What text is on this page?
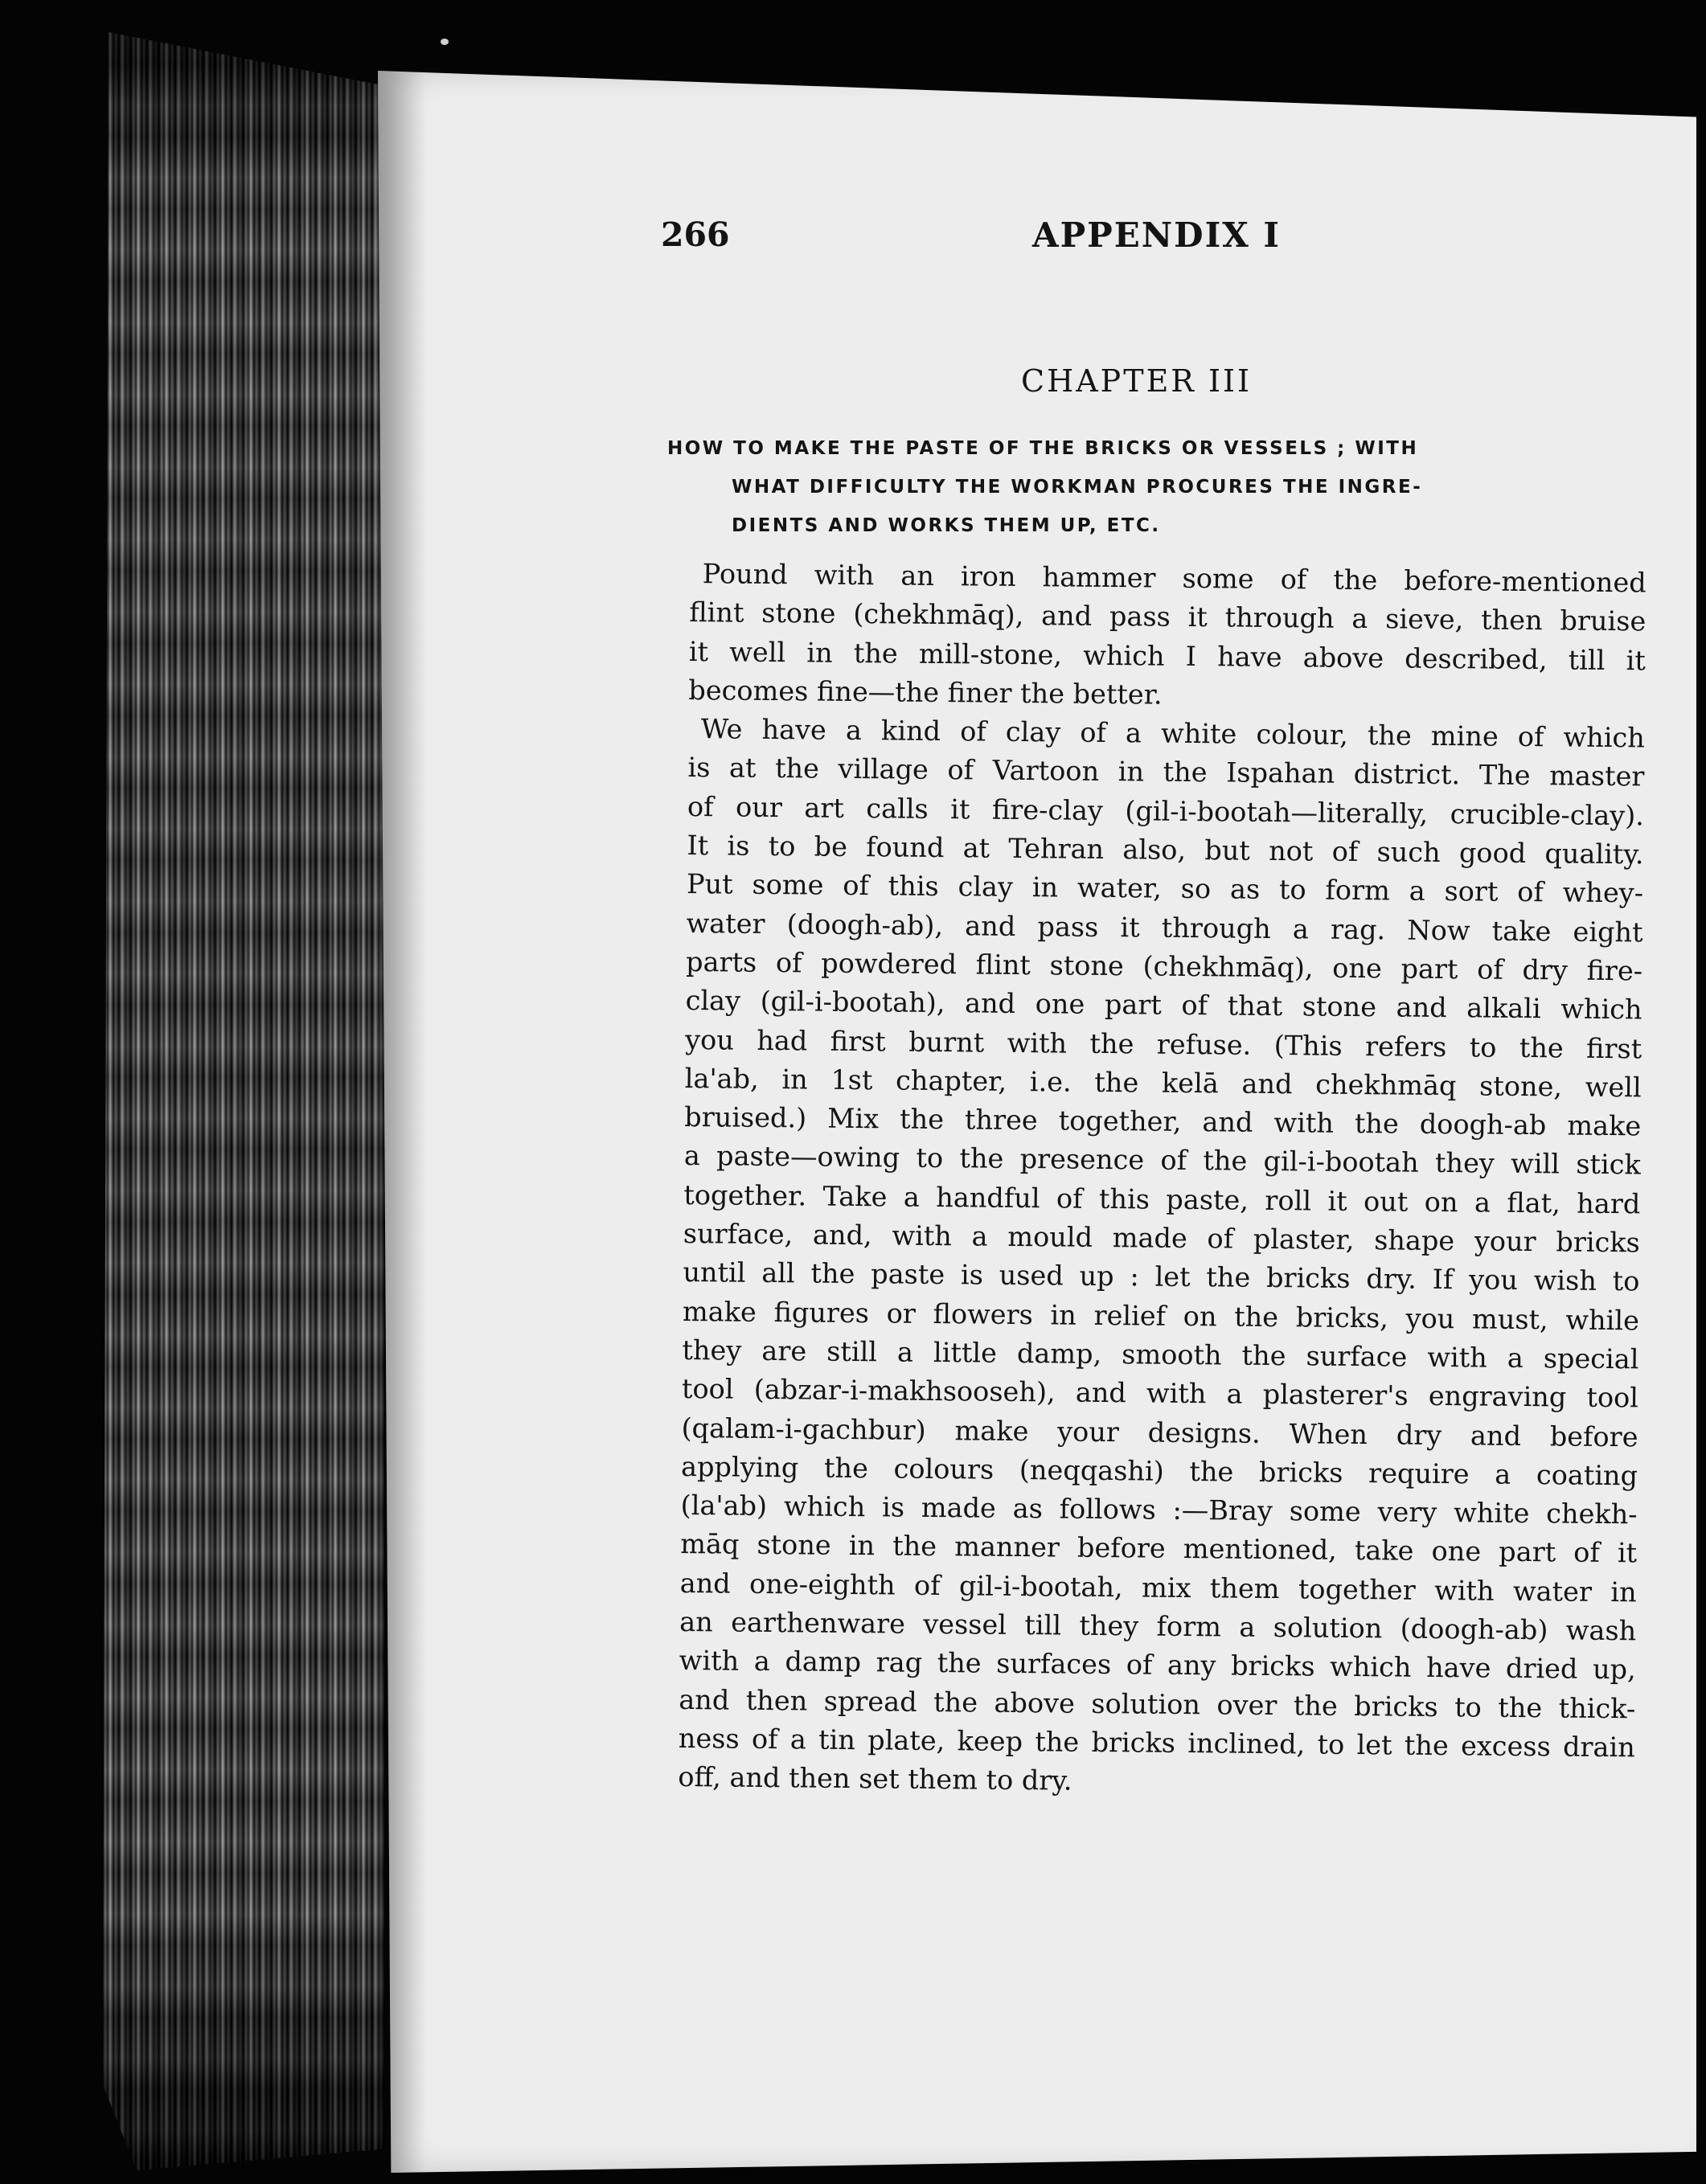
266	APPENDIX I
CHAPTER III
HOW TO MAKE THE PASTE OF THE BRICKS OR VESSELS ; WITH
WHAT DIFFICULTY THE WORKMAN PROCURES THE INGRE-
DIENTS AND WORKS THEM UP, ETC.
Pound with an iron hammer some of the before-mentioned
flint stone (chekhmāq), and pass it through a sieve, then bruise
it well in the mill-stone, which I have above described, till it
becomes fine—the finer the better.
We have a kind of clay of a white colour, the mine of which
is at the village of Vartoon in the Ispahan district. The master
of our art calls it fire-clay (gil-i-bootah—literally, crucible-clay).
It is to be found at Tehran also, but not of such good quality.
Put some of this clay in water, so as to form a sort of whey-
water (doogh-ab), and pass it through a rag. Now take eight
parts of powdered flint stone (chekhmāq), one part of dry fire-
clay (gil-i-bootah), and one part of that stone and alkali which
you had first burnt with the refuse. (This refers to the first
la'ab, in 1st chapter, i.e. the kelā and chekhmāq stone, well
bruised.) Mix the three together, and with the doogh-ab make
a paste—owing to the presence of the gil-i-bootah they will stick
together. Take a handful of this paste, roll it out on a flat, hard
surface, and, with a mould made of plaster, shape your bricks
until all the paste is used up : let the bricks dry. If you wish to
make figures or flowers in relief on the bricks, you must, while
they are still a little damp, smooth the surface with a special
tool (abzar-i-makhsooseh), and with a plasterer's engraving tool
(qalam-i-gachbur) make your designs. When dry and before
applying the colours (neqqashi) the bricks require a coating
(la'ab) which is made as follows :—Bray some very white chekh-
māq stone in the manner before mentioned, take one part of it
and one-eighth of gil-i-bootah, mix them together with water in
an earthenware vessel till they form a solution (doogh-ab) wash
with a damp rag the surfaces of any bricks which have dried up,
and then spread the above solution over the bricks to the thick-
ness of a tin plate, keep the bricks inclined, to let the excess drain
off, and then set them to dry.
